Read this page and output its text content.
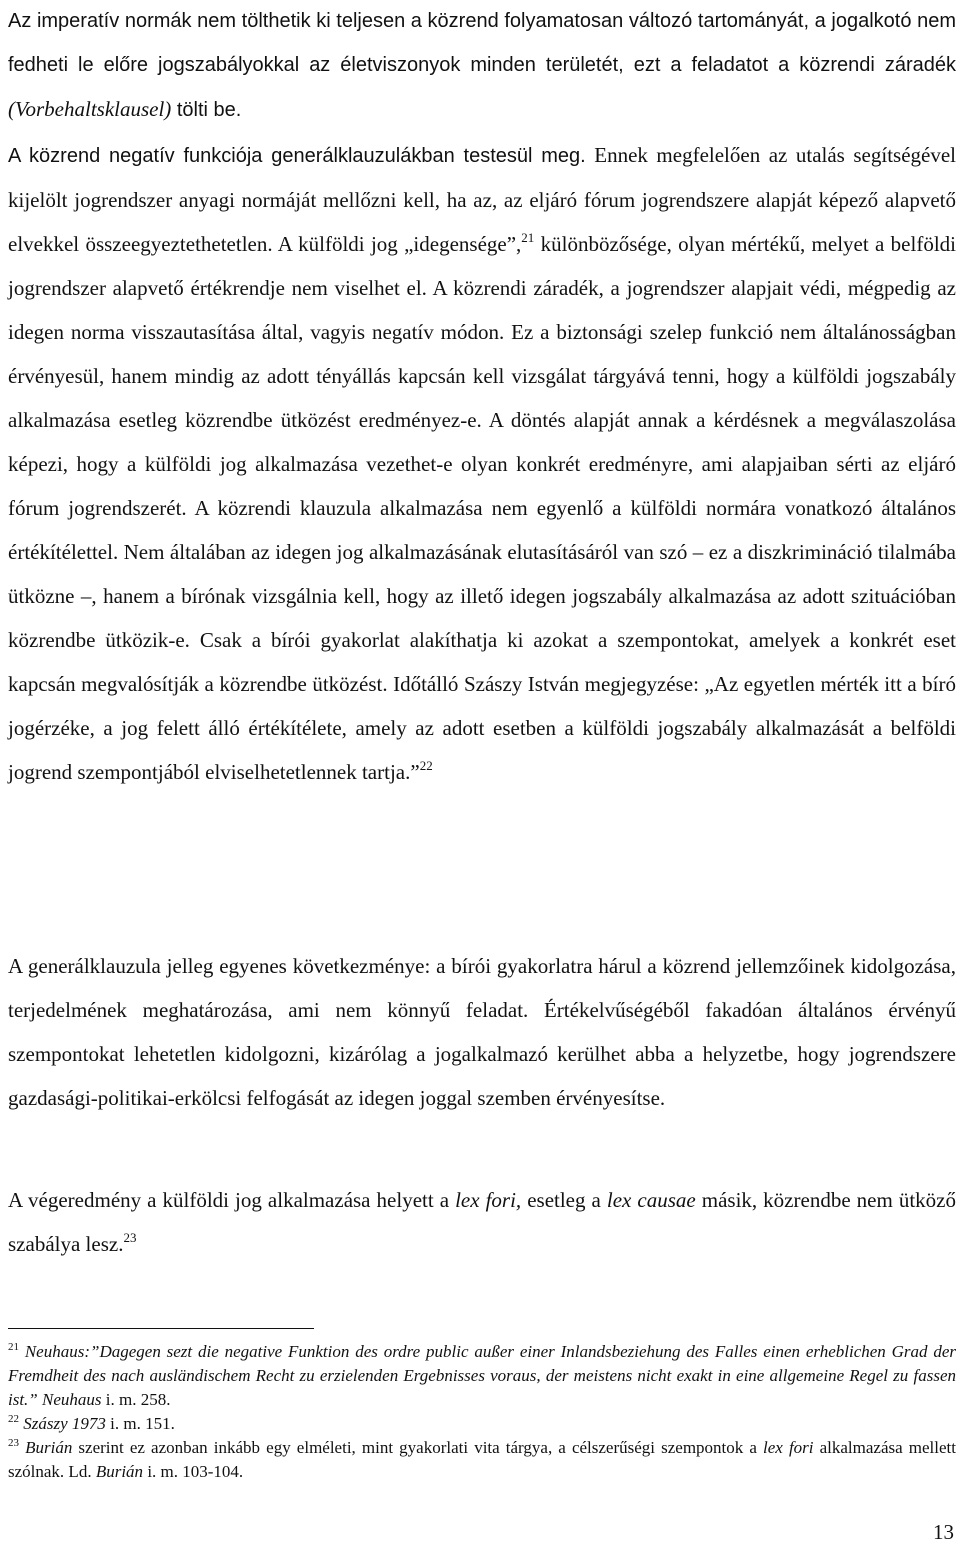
Az imperatív normák nem tölthetik ki teljesen a közrend folyamatosan változó tartományát, a jogalkotó nem fedheti le előre jogszabályokkal az életviszonyok minden területét, ezt a feladatot a közrendi záradék (Vorbehaltsklausel) tölti be.

A közrend negatív funkciója generálklauzulákban testesül meg. Ennek megfelelően az utalás segítségével kijelölt jogrendszer anyagi normáját mellőzni kell, ha az, az eljáró fórum jogrendszere alapját képező alapvető elvekkel összeegyeztethetetlen. A külföldi jog „idegensége”,$^{21}$ különbözősége, olyan mértékű, melyet a belföldi jogrendszer alapvető értékrendje nem viselhet el. A közrendi záradék, a jogrendszer alapjait védi, mégpedig az idegen norma visszautasítása által, vagyis negatív módon. Ez a biztonsági szelep funkció nem általánosságban érvényesül, hanem mindig az adott tényállás kapcsán kell vizsgálat tárgyává tenni, hogy a külföldi jogszabály alkalmazása esetleg közrendbe ütközést eredményez-e. A döntés alapját annak a kérdésnek a megválaszolása képezi, hogy a külföldi jog alkalmazása vezethet-e olyan konkrét eredményre, ami alapjaiban sérti az eljáró fórum jogrendszerét. A közrendi klauzula alkalmazása nem egyenlő a külföldi normára vonatkozó általános értékítélettel. Nem általában az idegen jog alkalmazásának elutasításáról van szó – ez a diszkrimináció tilalmába ütközne –, hanem a bírónak vizsgálnia kell, hogy az illető idegen jogszabály alkalmazása az adott szituációban közrendbe ütközik-e. Csak a bírói gyakorlat alakíthatja ki azokat a szempontokat, amelyek a konkrét eset kapcsán megvalósítják a közrendbe ütközést. Időtálló Szászy István megjegyzése: „Az egyetlen mérték itt a bíró jogérzéke, a jog felett álló értékítélete, amely az adott esetben a külföldi jogszabály alkalmazását a belföldi jogrend szempontjából elviselhetetlennek tartja.”$^{22}$

A generálklauzula jelleg egyenes következménye: a bírói gyakorlatra hárul a közrend jellemzőinek kidolgozása, terjedelmének meghatározása, ami nem könnyű feladat. Értékelvűségéből fakadóan általános érvényű szempontokat lehetetlen kidolgozni, kizárólag a jogalkalmazó kerülhet abba a helyzetbe, hogy jogrendszere gazdasági-politikai-erkölcsi felfogását az idegen joggal szemben érvényesítse.

A végeredmény a külföldi jog alkalmazása helyett a lex fori, esetleg a lex causae másik, közrendbe nem ütköző szabálya lesz.$^{23}$

$^{21}$ Neuhaus:”Dagegen sezt die negative Funktion des ordre public außer einer Inlandsbeziehung des Falles einen erheblichen Grad der Fremdheit des nach ausländischem Recht zu erzielenden Ergebnisses voraus, der meistens nicht exakt in eine allgemeine Regel zu fassen ist.” Neuhaus i. m. 258.

$^{22}$ Szászy 1973 i. m. 151.

$^{23}$ Burián szerint ez azonban inkább egy elméleti, mint gyakorlati vita tárgya, a célszerűségi szempontok a lex fori alkalmazása mellett szólnak. Ld. Burián i. m. 103-104.

13
